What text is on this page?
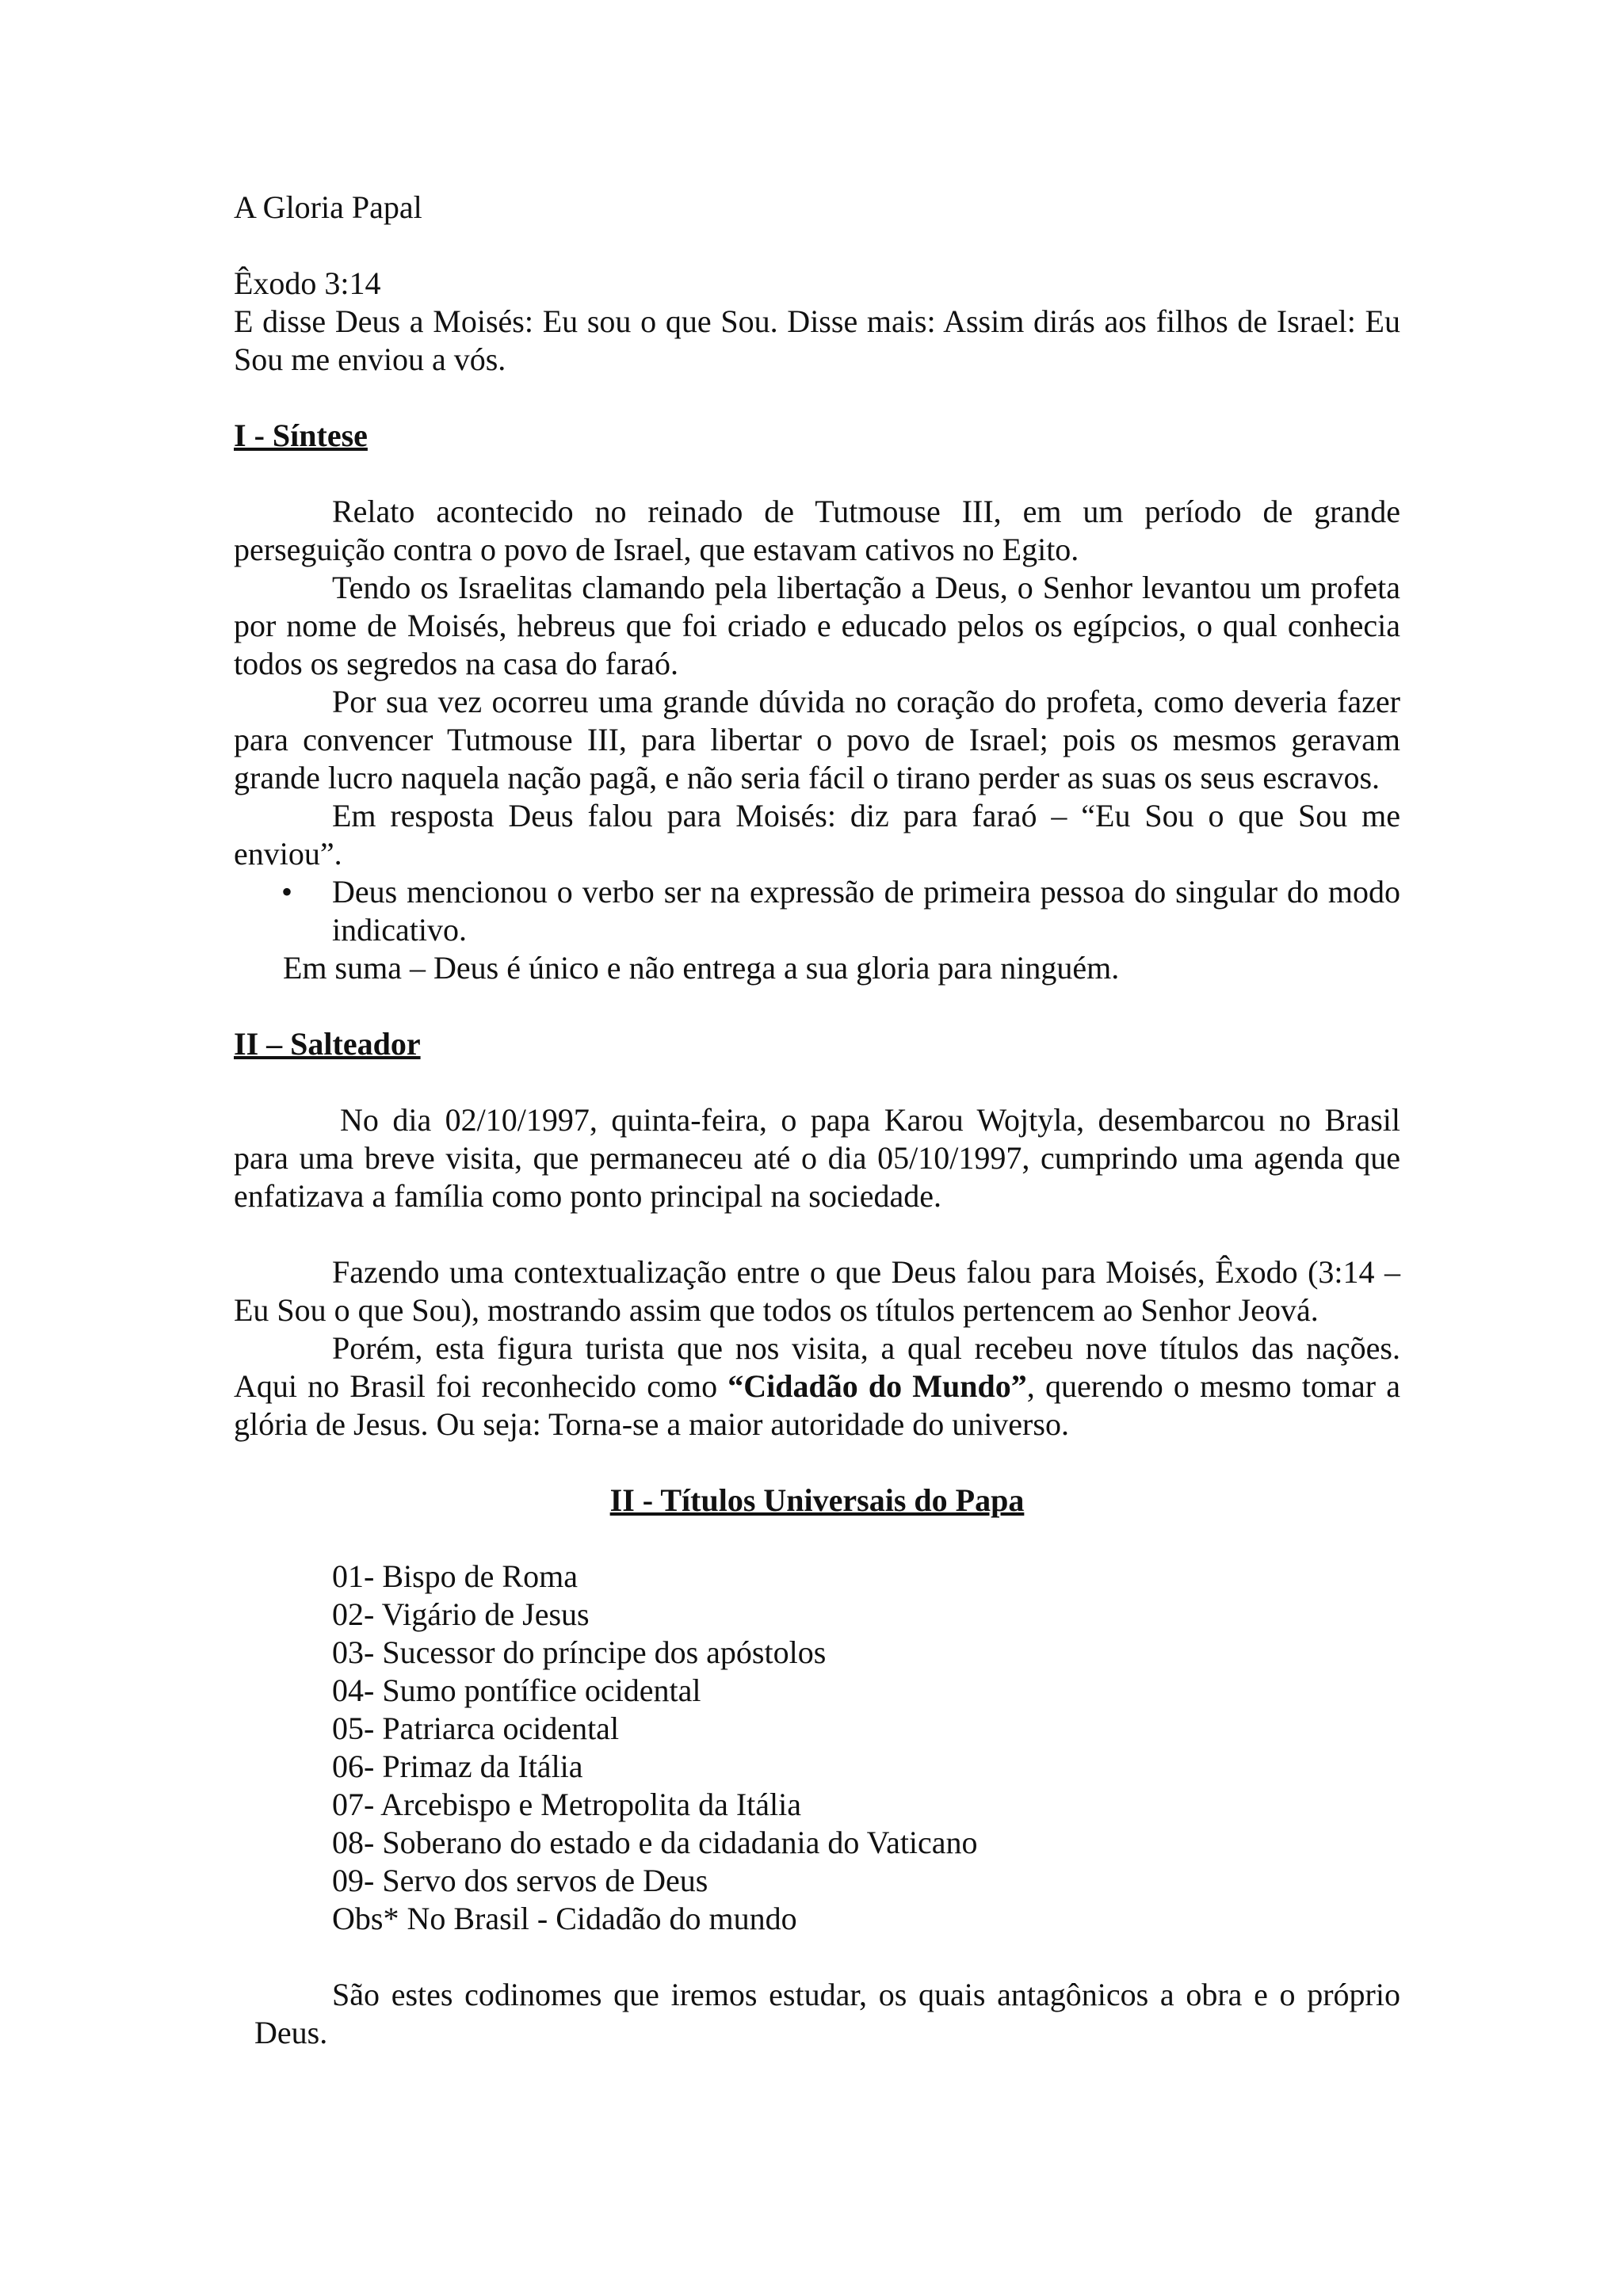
A Gloria Papal

Êxodo 3:14

E disse Deus a Moisés: Eu sou o que Sou. Disse mais: Assim dirás aos filhos de Israel: Eu Sou me enviou a vós.

I - Síntese

Relato acontecido no reinado de Tutmouse III, em um período de grande perseguição contra o povo de Israel, que estavam cativos no Egito.

Tendo os Israelitas clamando pela libertação a Deus, o Senhor levantou um profeta por nome de Moisés, hebreus que foi criado e educado pelos os egípcios, o qual conhecia todos os segredos na casa do faraó.

Por sua vez ocorreu uma grande dúvida no coração do profeta, como deveria fazer para convencer Tutmouse III, para libertar o povo de Israel; pois os mesmos geravam grande lucro naquela nação pagã, e não seria fácil o tirano perder as suas os seus escravos.

Em resposta Deus falou para Moisés: diz para faraó – “Eu Sou o que Sou me enviou”.

•	Deus mencionou o verbo ser na expressão de primeira pessoa do singular do modo indicativo.

Em suma – Deus é único e não entrega a sua gloria para ninguém.

II – Salteador

No dia 02/10/1997, quinta-feira, o papa Karou Wojtyla, desembarcou no Brasil para uma breve visita, que permaneceu até o dia 05/10/1997, cumprindo uma agenda que enfatizava a família como ponto principal na sociedade.

Fazendo uma contextualização entre o que Deus falou para Moisés, Êxodo (3:14 – Eu Sou o que Sou), mostrando assim que todos os títulos pertencem ao Senhor Jeová.

Porém, esta figura turista que nos visita, a qual recebeu nove títulos das nações. Aqui no Brasil foi reconhecido como “Cidadão do Mundo”, querendo o mesmo tomar a glória de Jesus. Ou seja: Torna-se a maior autoridade do universo.

II - Títulos Universais do Papa

01- Bispo de Roma

02- Vigário de Jesus

03- Sucessor do príncipe dos apóstolos

04- Sumo pontífice ocidental

05- Patriarca ocidental

06- Primaz da Itália

07- Arcebispo e Metropolita da Itália

08- Soberano do estado e da cidadania do Vaticano

09- Servo dos servos de Deus

Obs* No Brasil - Cidadão do mundo

São estes codinomes que iremos estudar, os quais antagônicos a obra e o próprio

Deus.
